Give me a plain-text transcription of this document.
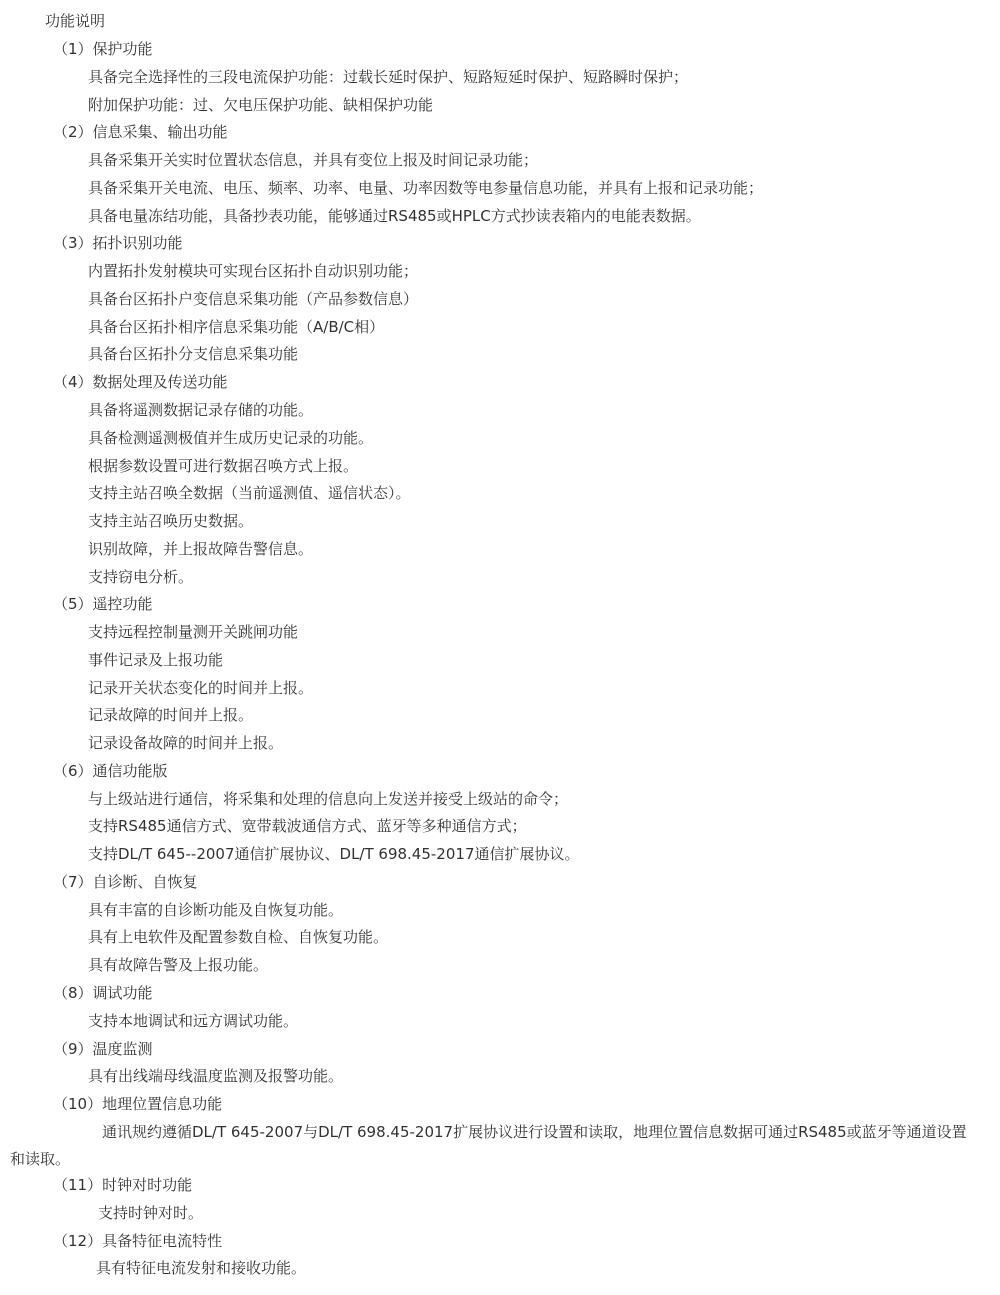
功能说明
（1）保护功能
具备完全选择性的三段电流保护功能：过载长延时保护、短路短延时保护、短路瞬时保护；
附加保护功能：过、欠电压保护功能、缺相保护功能
（2）信息采集、输出功能
具备采集开关实时位置状态信息，并具有变位上报及时间记录功能；
具备采集开关电流、电压、频率、功率、电量、功率因数等电参量信息功能，并具有上报和记录功能；
具备电量冻结功能，具备抄表功能，能够通过RS485或HPLC方式抄读表箱内的电能表数据。
（3）拓扑识别功能
内置拓扑发射模块可实现台区拓扑自动识别功能；
具备台区拓扑户变信息采集功能（产品参数信息）
具备台区拓扑相序信息采集功能（A/B/C相）
具备台区拓扑分支信息采集功能
（4）数据处理及传送功能
具备将遥测数据记录存储的功能。
具备检测遥测极值并生成历史记录的功能。
根据参数设置可进行数据召唤方式上报。
支持主站召唤全数据（当前遥测值、遥信状态）。
支持主站召唤历史数据。
识别故障，并上报故障告警信息。
支持窃电分析。
（5）遥控功能
支持远程控制量测开关跳闸功能
事件记录及上报功能
记录开关状态变化的时间并上报。
记录故障的时间并上报。
记录设备故障的时间并上报。
（6）通信功能版
与上级站进行通信，将采集和处理的信息向上发送并接受上级站的命令；
支持RS485通信方式、宽带载波通信方式、蓝牙等多种通信方式；
支持DL/T 645--2007通信扩展协议、DL/T 698.45-2017通信扩展协议。
（7）自诊断、自恢复
具有丰富的自诊断功能及自恢复功能。
具有上电软件及配置参数自检、自恢复功能。
具有故障告警及上报功能。
（8）调试功能
支持本地调试和远方调试功能。
（9）温度监测
具有出线端母线温度监测及报警功能。
（10）地理位置信息功能
通讯规约遵循DL/T 645-2007与DL/T 698.45-2017扩展协议进行设置和读取，地理位置信息数据可通过RS485或蓝牙等通道设置和读取。
（11）时钟对时功能
支持时钟对时。
（12）具备特征电流特性
具有特征电流发射和接收功能。
